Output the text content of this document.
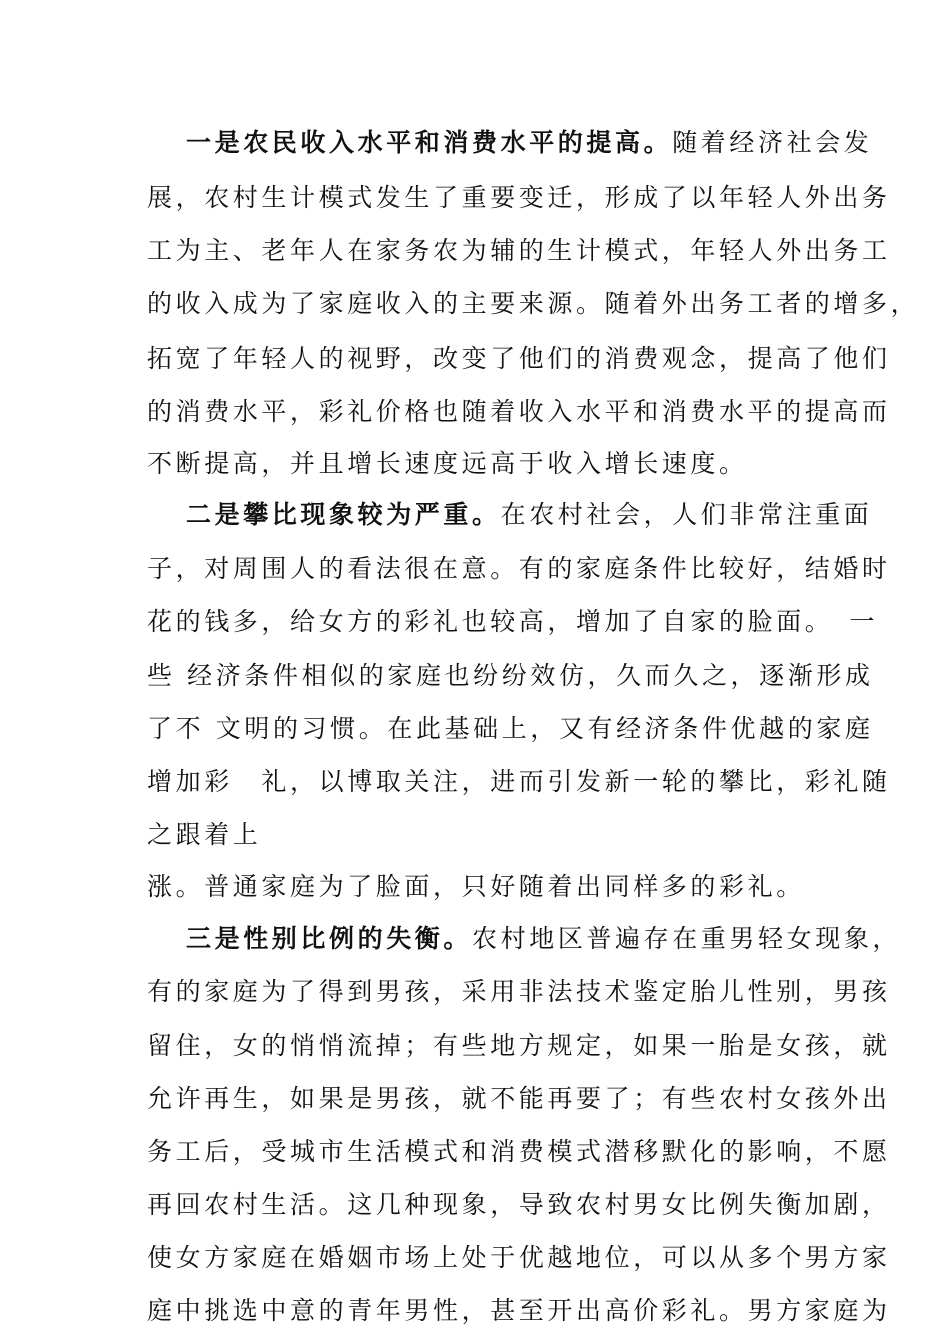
一是农民收入水平和消费水平的提高。随着经济社会发
展，农村生计模式发生了重要变迁，形成了以年轻人外出务
工为主、老年人在家务农为辅的生计模式，年轻人外出务工
的收入成为了家庭收入的主要来源。随着外出务工者的增多，
拓宽了年轻人的视野，改变了他们的消费观念，提高了他们
的消费水平，彩礼价格也随着收入水平和消费水平的提高而
不断提高，并且增长速度远高于收入增长速度。
二是攀比现象较为严重。在农村社会，人们非常注重面
子，对周围人的看法很在意。有的家庭条件比较好，结婚时
花的钱多，给女方的彩礼也较高，增加了自家的脸面。　一
些 经济条件相似的家庭也纷纷效仿，久而久之，逐渐形成
了不 文明的习惯。在此基础上，又有经济条件优越的家庭
增加彩　礼，以博取关注，进而引发新一轮的攀比，彩礼随
之跟着上
涨。普通家庭为了脸面，只好随着出同样多的彩礼。
三是性别比例的失衡。农村地区普遍存在重男轻女现象，
有的家庭为了得到男孩，采用非法技术鉴定胎儿性别，男孩
留住，女的悄悄流掉；有些地方规定，如果一胎是女孩，就
允许再生，如果是男孩，就不能再要了；有些农村女孩外出
务工后，受城市生活模式和消费模式潜移默化的影响，不愿
再回农村生活。这几种现象，导致农村男女比例失衡加剧，
使女方家庭在婚姻市场上处于优越地位，可以从多个男方家
庭中挑选中意的青年男性，甚至开出高价彩礼。男方家庭为
